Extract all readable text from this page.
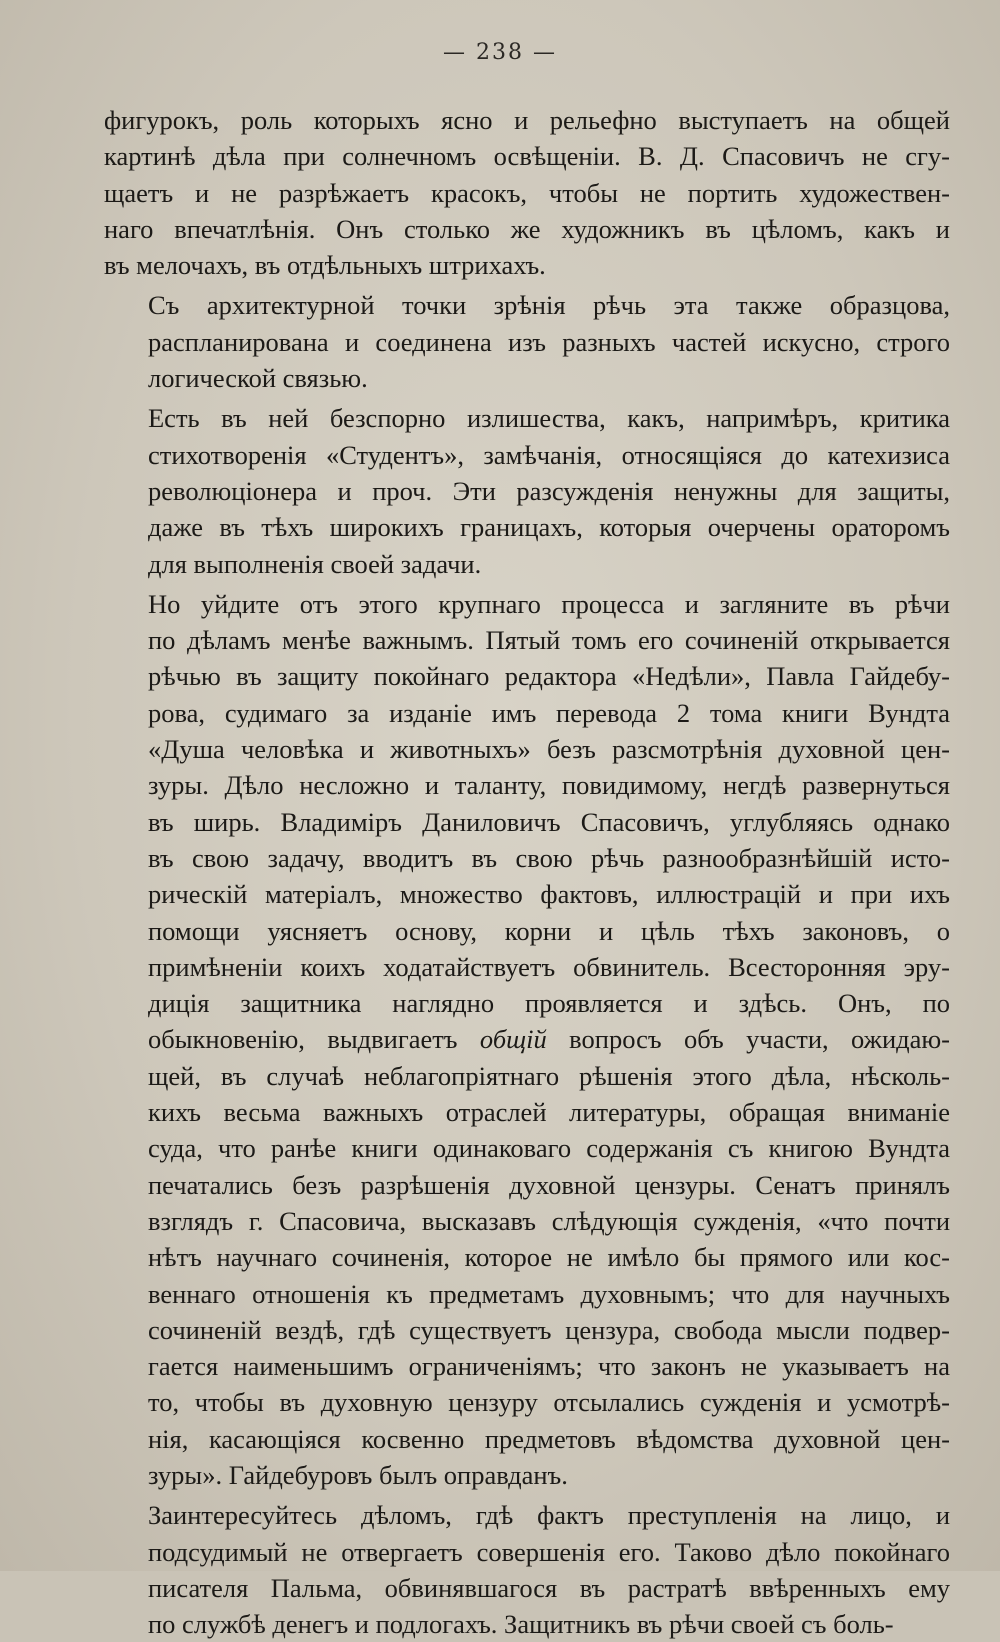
— 238 —

фигурокъ, роль которыхъ ясно и рельефно выступаетъ на общей
картинѣ дѣла при солнечномъ освѣщеніи. В. Д. Спасовичъ не сгу-
щаетъ и не разрѣжаетъ красокъ, чтобы не портить художествен-
наго впечатлѣнія. Онъ столько же художникъ въ цѣломъ, какъ и
въ мелочахъ, въ отдѣльныхъ штрихахъ.

Съ архитектурной точки зрѣнія рѣчь эта также образцова,
распланирована и соединена изъ разныхъ частей искусно, строго
логической связью.

Есть въ ней безспорно излишества, какъ, напримѣръ, критика
стихотворенія «Студентъ», замѣчанія, относящіяся до катехизиса
революціонера и проч. Эти разсужденія ненужны для защиты,
даже въ тѣхъ широкихъ границахъ, которыя очерчены ораторомъ
для выполненія своей задачи.

Но уйдите отъ этого крупнаго процесса и загляните въ рѣчи
по дѣламъ менѣе важнымъ. Пятый томъ его сочиненій открывается
рѣчью въ защиту покойнаго редактора «Недѣли», Павла Гайдебу-
рова, судимаго за изданіе имъ перевода 2 тома книги Вундта
«Душа человѣка и животныхъ» безъ разсмотрѣнія духовной цен-
зуры. Дѣло несложно и таланту, повидимому, негдѣ развернуться
въ ширь. Владиміръ Даниловичъ Спасовичъ, углубляясь однако
въ свою задачу, вводитъ въ свою рѣчь разнообразнѣйшій исто-
рическій матеріалъ, множество фактовъ, иллюстрацій и при ихъ
помощи уясняетъ основу, корни и цѣль тѣхъ законовъ, о
примѣненіи коихъ ходатайствуетъ обвинитель. Всесторонняя эру-
диція защитника наглядно проявляется и здѣсь. Онъ, по
обыкновенію, выдвигаетъ общій вопросъ объ участи, ожидаю-
щей, въ случаѣ неблагопріятнаго рѣшенія этого дѣла, нѣсколь-
кихъ весьма важныхъ отраслей литературы, обращая вниманіе
суда, что ранѣе книги одинаковаго содержанія съ книгою Вундта
печатались безъ разрѣшенія духовной цензуры. Сенатъ принялъ
взглядъ г. Спасовича, высказавъ слѣдующія сужденія, «что почти
нѣтъ научнаго сочиненія, которое не имѣло бы прямого или кос-
веннаго отношенія къ предметамъ духовнымъ; что для научныхъ
сочиненій вездѣ, гдѣ существуетъ цензура, свобода мысли подвер-
гается наименьшимъ ограниченіямъ; что законъ не указываетъ на
то, чтобы въ духовную цензуру отсылались сужденія и усмотрѣ-
нія, касающіяся косвенно предметовъ вѣдомства духовной цен-
зуры». Гайдебуровъ былъ оправданъ.

Заинтересуйтесь дѣломъ, гдѣ фактъ преступленія на лицо, и
подсудимый не отвергаетъ совершенія его. Таково дѣло покойнаго
писателя Пальма, обвинявшагося въ растратѣ ввѣренныхъ ему
по службѣ денегъ и подлогахъ. Защитникъ въ рѣчи своей съ боль-
